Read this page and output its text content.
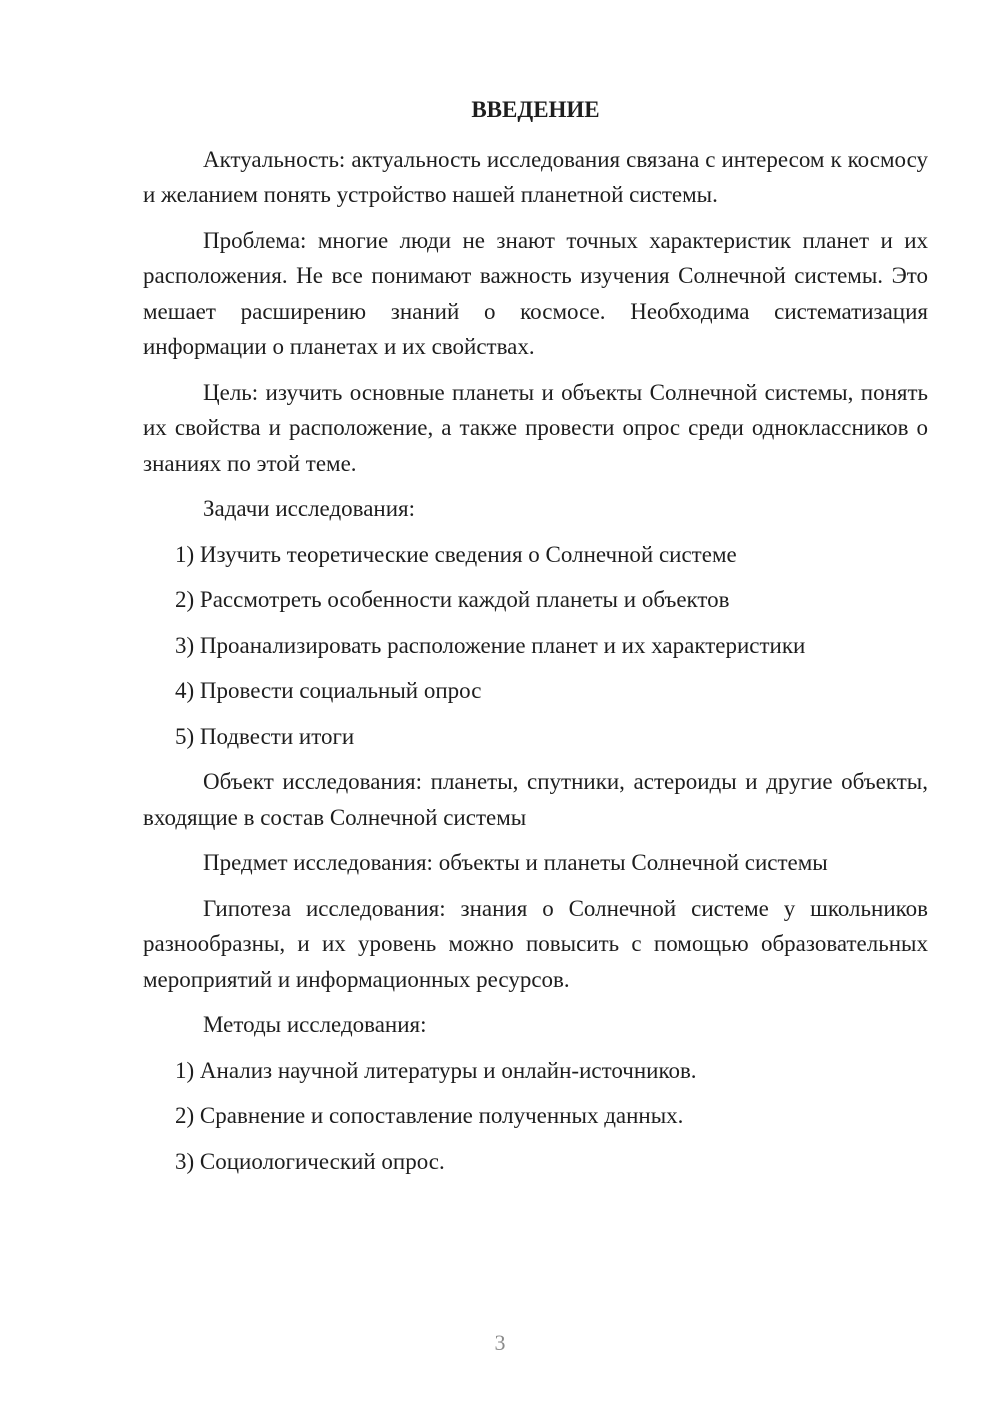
ВВЕДЕНИЕ
Актуальность: актуальность исследования связана с интересом к космосу и желанием понять устройство нашей планетной системы.
Проблема: многие люди не знают точных характеристик планет и их расположения. Не все понимают важность изучения Солнечной системы. Это мешает расширению знаний о космосе. Необходима систематизация информации о планетах и их свойствах.
Цель: изучить основные планеты и объекты Солнечной системы, понять их свойства и расположение, а также провести опрос среди одноклассников о знаниях по этой теме.
Задачи исследования:
1) Изучить теоретические сведения о Солнечной системе
2) Рассмотреть особенности каждой планеты и объектов
3) Проанализировать расположение планет и их характеристики
4) Провести социальный опрос
5) Подвести итоги
Объект исследования: планеты, спутники, астероиды и другие объекты, входящие в состав Солнечной системы
Предмет исследования: объекты и планеты Солнечной системы
Гипотеза исследования: знания о Солнечной системе у школьников разнообразны, и их уровень можно повысить с помощью образовательных мероприятий и информационных ресурсов.
Методы исследования:
1) Анализ научной литературы и онлайн-источников.
2) Сравнение и сопоставление полученных данных.
3) Социологический опрос.
3
